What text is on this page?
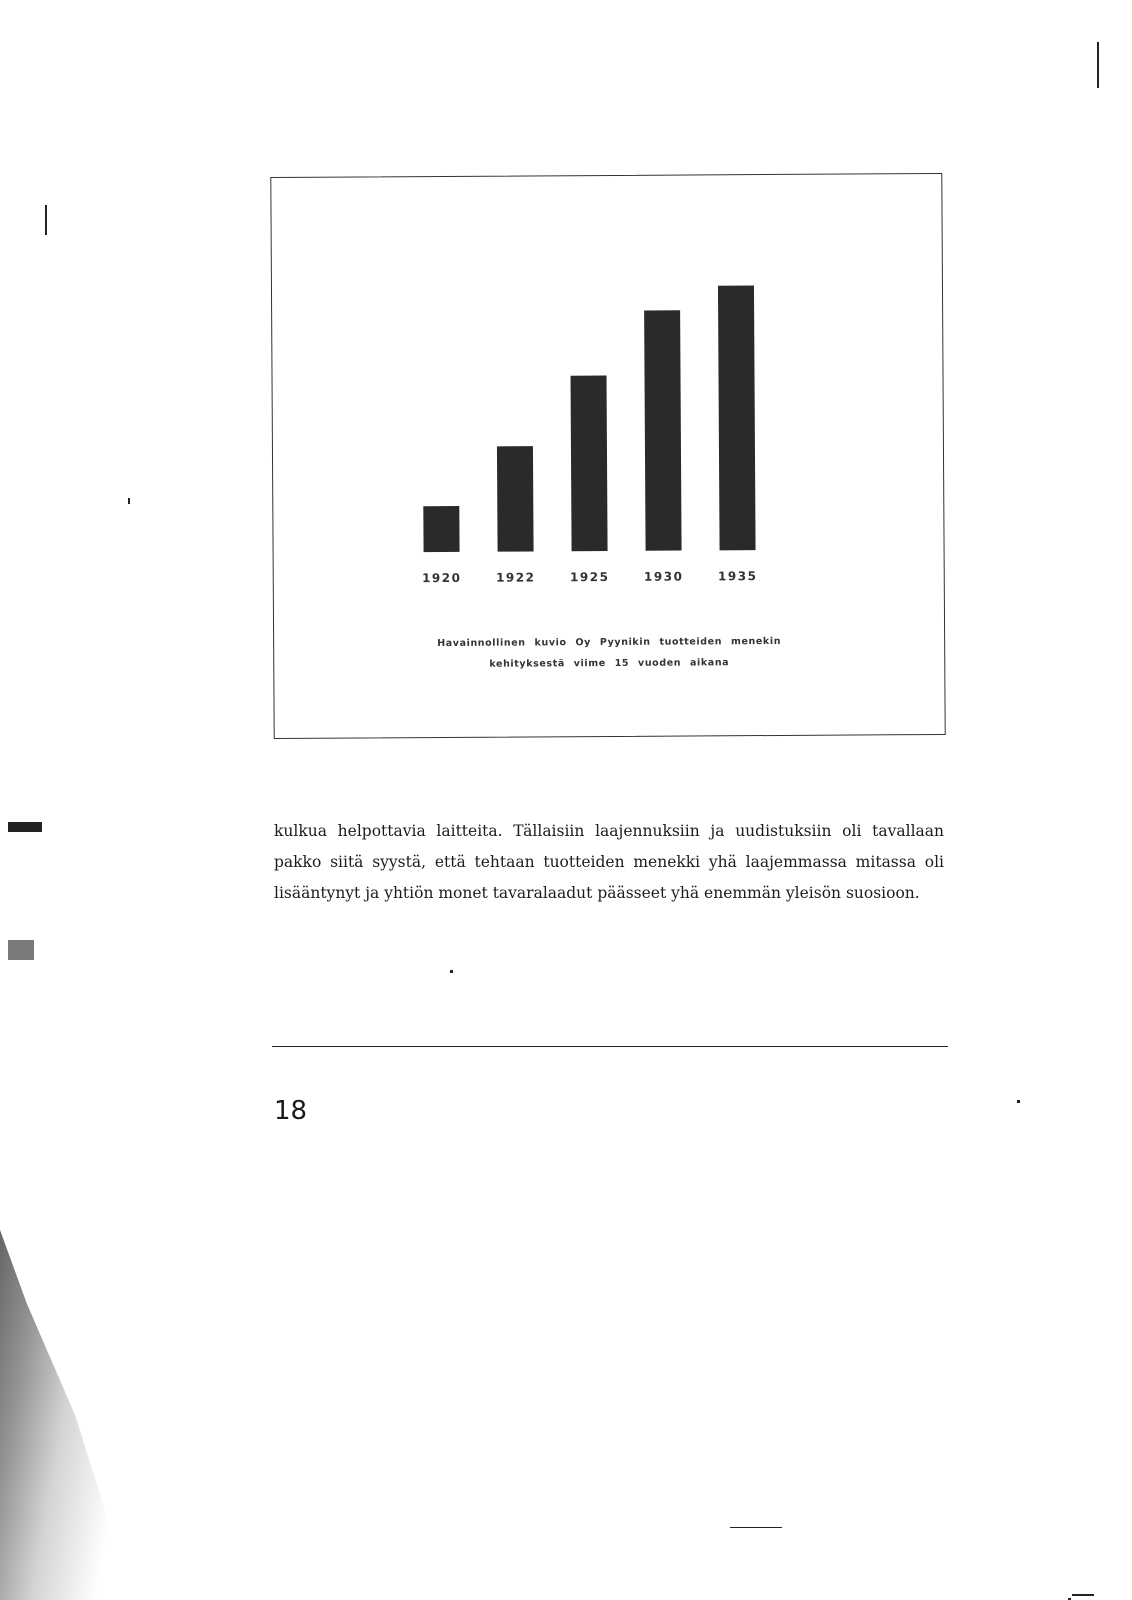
1920	1922	1925	1930	1935
Havainnollinen kuvio Oy Pyynikin tuotteiden menekin
kehityksestä viime 15 vuoden aikana

kulkua helpottavia laitteita. Tällaisiin laajennuksiin ja uudistuksiin oli tavallaan pakko siitä syystä, että tehtaan tuotteiden menekki yhä laajemmassa mitassa oli lisääntynyt ja yhtiön monet tavaralaadut päässeet yhä enemmän yleisön suosioon.

18
